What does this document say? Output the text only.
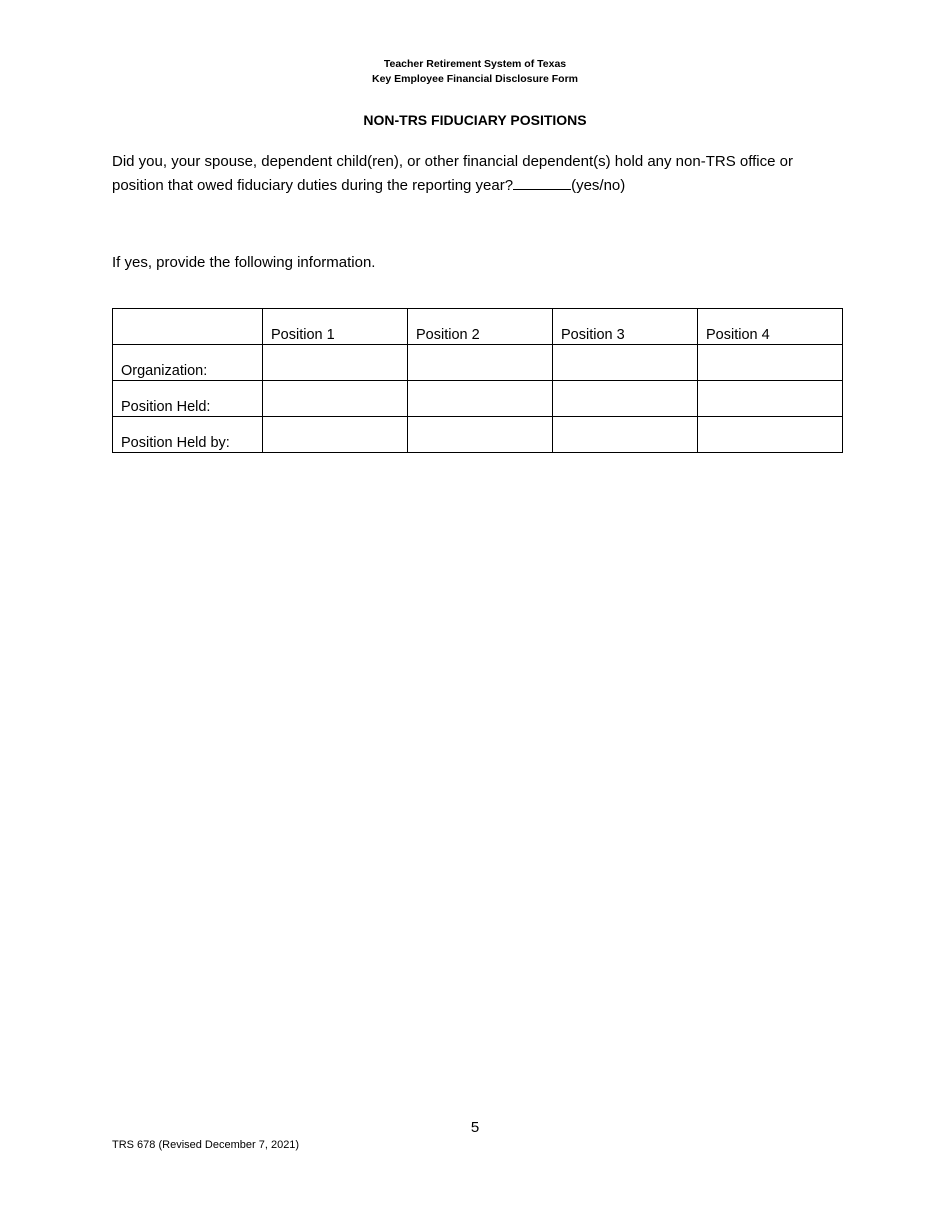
Teacher Retirement System of Texas
Key Employee Financial Disclosure Form
NON-TRS FIDUCIARY POSITIONS
Did you, your spouse, dependent child(ren), or other financial dependent(s) hold any non-TRS office or position that owed fiduciary duties during the reporting year?	(yes/no)
If yes, provide the following information.
	Position 1	Position 2	Position 3	Position 4
Organization:				
Position Held:				
Position Held by:				
5
TRS 678 (Revised December 7, 2021)
